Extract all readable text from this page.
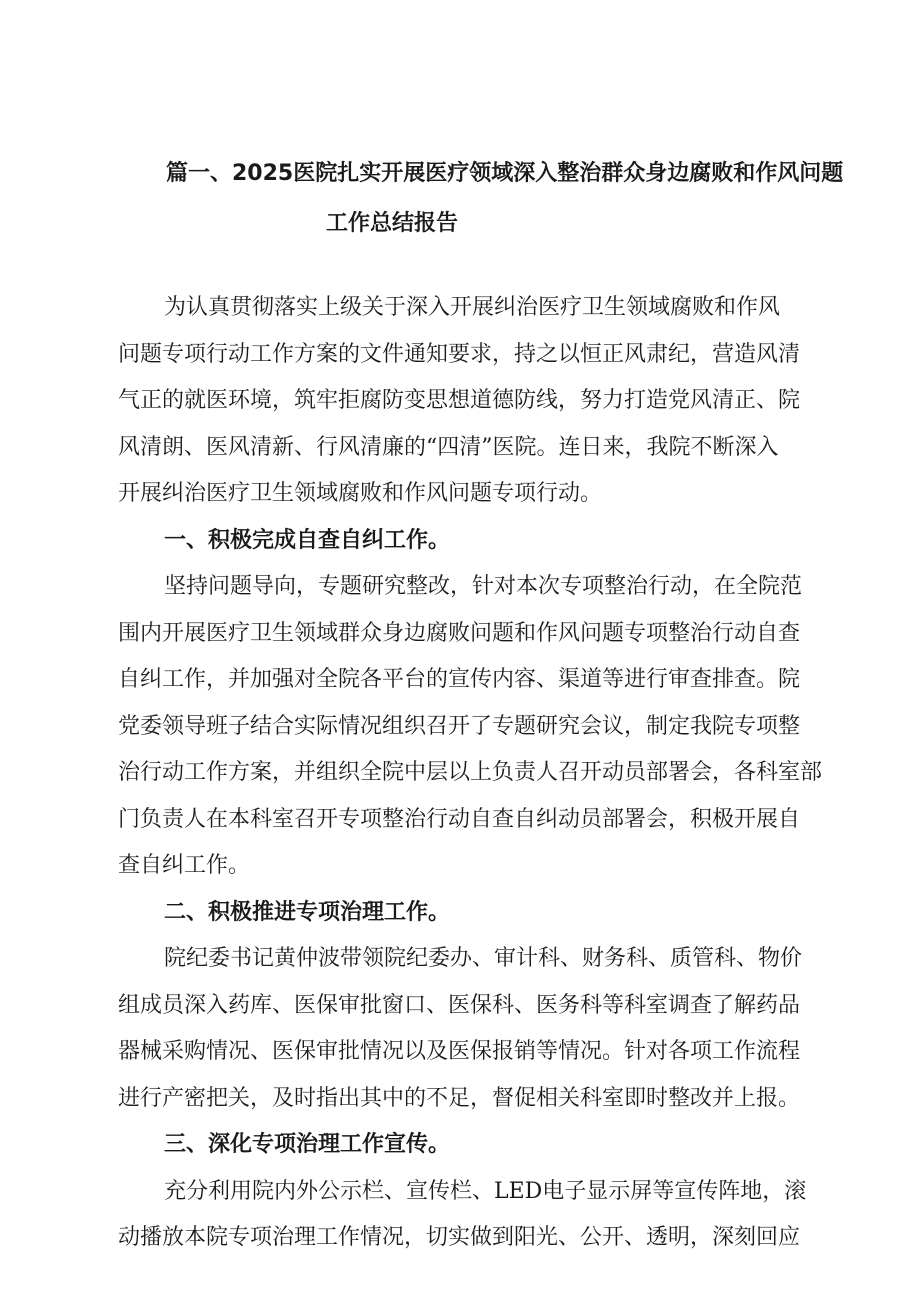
篇一、2025医院扎实开展医疗领域深入整治群众身边腐败和作风问题
工作总结报告
为认真贯彻落实上级关于深入开展纠治医疗卫生领域腐败和作风
问题专项行动工作方案的文件通知要求，持之以恒正风肃纪，营造风清
气正的就医环境，筑牢拒腐防变思想道德防线，努力打造党风清正、院
风清朗、医风清新、行风清廉的“四清”医院。连日来，我院不断深入
开展纠治医疗卫生领域腐败和作风问题专项行动。
一、积极完成自查自纠工作。
坚持问题导向，专题研究整改，针对本次专项整治行动，在全院范
围内开展医疗卫生领域群众身边腐败问题和作风问题专项整治行动自查
自纠工作，并加强对全院各平台的宣传内容、渠道等进行审查排查。院
党委领导班子结合实际情况组织召开了专题研究会议，制定我院专项整
治行动工作方案，并组织全院中层以上负责人召开动员部署会，各科室部
门负责人在本科室召开专项整治行动自查自纠动员部署会，积极开展自
查自纠工作。
二、积极推进专项治理工作。
院纪委书记黄仲波带领院纪委办、审计科、财务科、质管科、物价
组成员深入药库、医保审批窗口、医保科、医务科等科室调查了解药品
器械采购情况、医保审批情况以及医保报销等情况。针对各项工作流程
进行产密把关，及时指出其中的不足，督促相关科室即时整改并上报。
三、深化专项治理工作宣传。
充分利用院内外公示栏、宣传栏、LED电子显示屏等宣传阵地，滚
动播放本院专项治理工作情况，切实做到阳光、公开、透明，深刻回应
